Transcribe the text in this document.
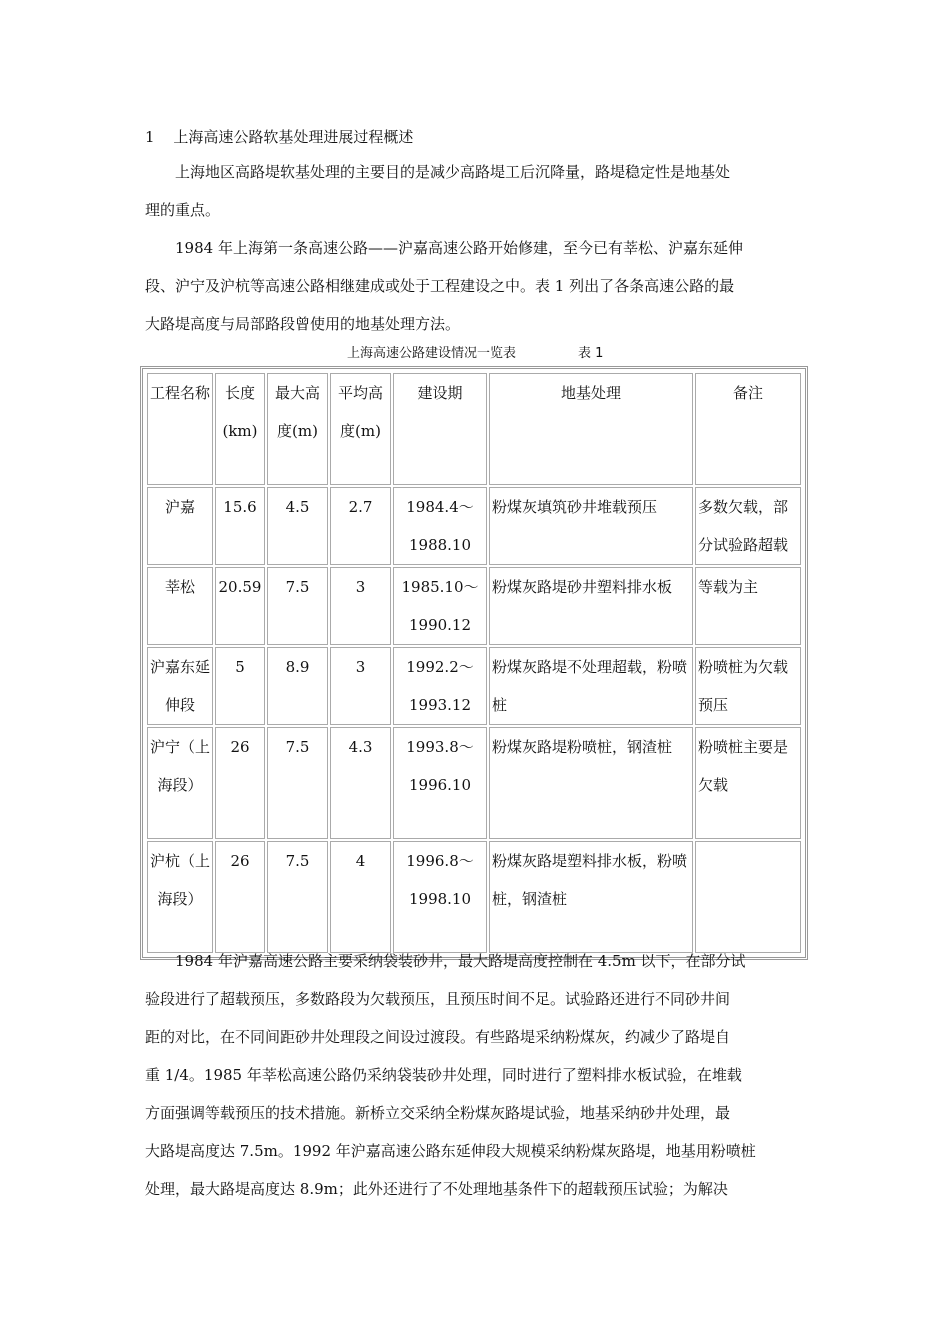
1 上海高速公路软基处理进展过程概述
　　上海地区高路堤软基处理的主要目的是减少高路堤工后沉降量，路堤稳定性是地基处
理的重点。
　　1984 年上海第一条高速公路——沪嘉高速公路开始修建，至今已有莘松、沪嘉东延伸
段、沪宁及沪杭等高速公路相继建成或处于工程建设之中。表 1 列出了各条高速公路的最
大路堤高度与局部路段曾使用的地基处理方法。
上海高速公路建设情况一览表	表 1
工程名称	长度(km)	最大高度(m)	平均高度(m)	建设期	地基处理	备注
沪嘉	15.6	4.5	2.7	1984.4～1988.10	粉煤灰填筑砂井堆载预压	多数欠载，部分试验路超载
莘松	20.59	7.5	3	1985.10～1990.12	粉煤灰路堤砂井塑料排水板	等载为主
沪嘉东延伸段	5	8.9	3	1992.2～1993.12	粉煤灰路堤不处理超载，粉喷桩	粉喷桩为欠载预压
沪宁（上海段）	26	7.5	4.3	1993.8～1996.10	粉煤灰路堤粉喷桩，钢渣桩	粉喷桩主要是欠载
沪杭（上海段）	26	7.5	4	1996.8～1998.10	粉煤灰路堤塑料排水板，粉喷桩，钢渣桩	
　　1984 年沪嘉高速公路主要采纳袋装砂井，最大路堤高度控制在 4.5m 以下，在部分试
验段进行了超载预压，多数路段为欠载预压，且预压时间不足。试验路还进行不同砂井间
距的对比，在不同间距砂井处理段之间设过渡段。有些路堤采纳粉煤灰，约减少了路堤自
重 1/4。1985 年莘松高速公路仍采纳袋装砂井处理，同时进行了塑料排水板试验，在堆载
方面强调等载预压的技术措施。新桥立交采纳全粉煤灰路堤试验，地基采纳砂井处理，最
大路堤高度达 7.5m。1992 年沪嘉高速公路东延伸段大规模采纳粉煤灰路堤，地基用粉喷桩
处理，最大路堤高度达 8.9m；此外还进行了不处理地基条件下的超载预压试验；为解决
